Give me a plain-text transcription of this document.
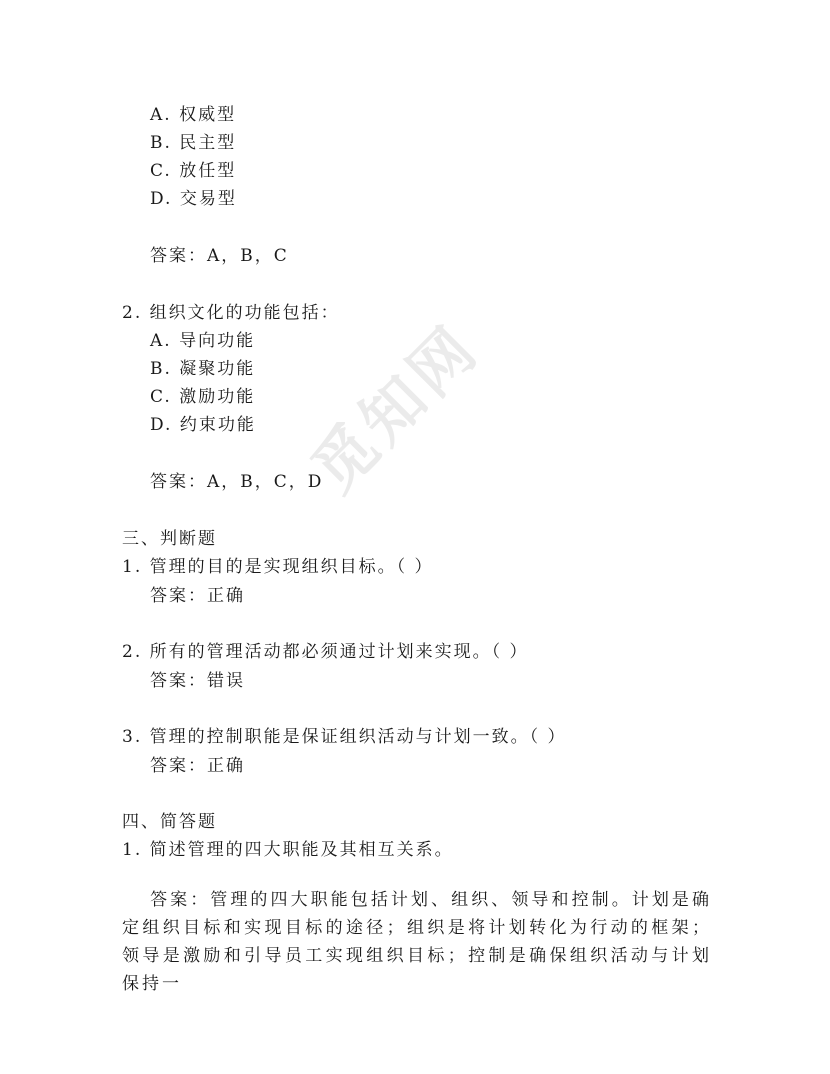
觅知网
A. 权威型
B. 民主型
C. 放任型
D. 交易型
答案：A，B，C
2. 组织文化的功能包括：
A. 导向功能
B. 凝聚功能
C. 激励功能
D. 约束功能
答案：A，B，C，D
三、判断题
1. 管理的目的是实现组织目标。（ ）
答案：正确
2. 所有的管理活动都必须通过计划来实现。（ ）
答案：错误
3. 管理的控制职能是保证组织活动与计划一致。（ ）
答案：正确
四、简答题
1. 简述管理的四大职能及其相互关系。
答案：管理的四大职能包括计划、组织、领导和控制。计划是确定组织目标和实现目标的途径；组织是将计划转化为行动的框架；领导是激励和引导员工实现组织目标；控制是确保组织活动与计划保持一
